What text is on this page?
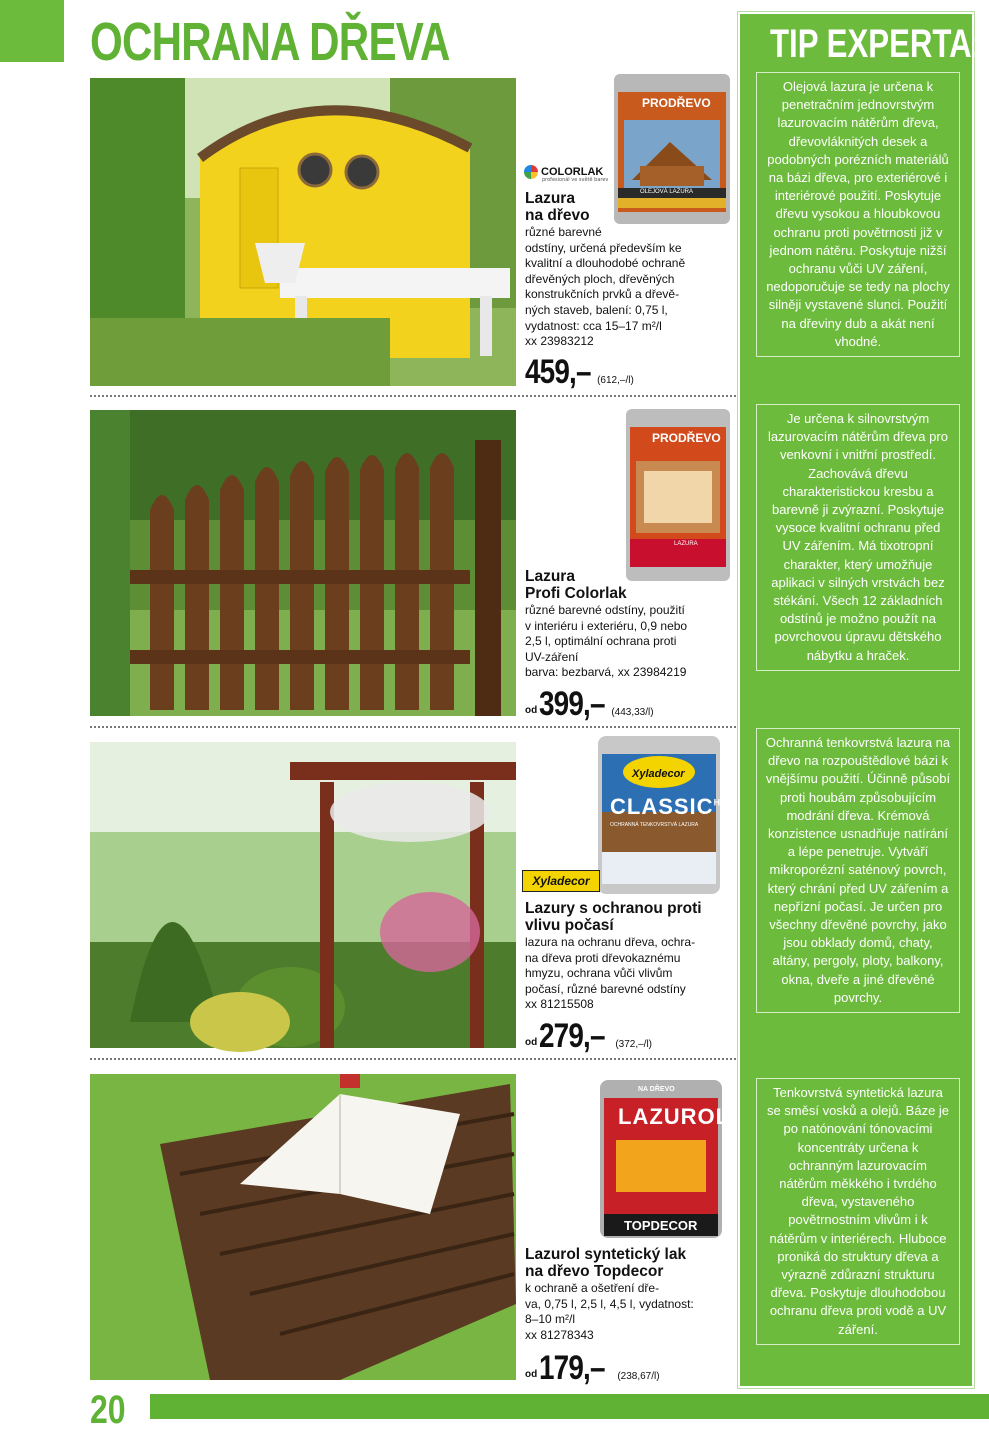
OCHRANA DŘEVA
PRODŘEVO
OLEJOVÁ LAZURA
COLORLAK
profesionál ve světě barev
Lazura
na dřevo
různé barevné
odstíny, určená především ke
kvalitní a dlouhodobé ochraně
dřevěných ploch, dřevěných
konstrukčních prvků a dřevě-
ných staveb, balení: 0,75 l,
vydatnost: cca 15–17 m²/l
xx 23983212
459,– (612,–/l)
PRODŘEVO
LAZURA
Lazura
Profi Colorlak
různé barevné odstíny, použití
v interiéru i exteriéru, 0,9 nebo
2,5 l, optimální ochrana proti
UV-záření
barva: bezbarvá, xx 23984219
od 399,– (443,33/l)
Xyladecor
$CLASSIC^{HP}$
OCHRANNÁ TENKOVRSTVÁ LAZURA
Xyladecor
Lazury s ochranou proti
vlivu počasí
lazura na ochranu dřeva, ochra-
na dřeva proti dřevokaznému
hmyzu, ochrana vůči vlivům
počasí, různé barevné odstíny
xx 81215508
od 279,– (372,–/l)
NA DŘEVO
LAZUROL
TOPDECOR
Lazurol syntetický lak
na dřevo Topdecor
k ochraně a ošetření dře-
va, 0,75 l, 2,5 l, 4,5 l, vydatnost:
8–10 m²/l
xx 81278343
od 179,– (238,67/l)
TIP EXPERTA:
Olejová lazura je určena k penetračním jednovrstvým lazurovacím nátěrům dřeva, dřevovláknitých desek a podobných porézních materiálů na bázi dřeva, pro exteriérové i interiérové použití. Poskytuje dřevu vysokou a hloubkovou ochranu proti povětrnosti již v jednom nátěru. Poskytuje nižší ochranu vůči UV záření, nedoporučuje se tedy na plochy silněji vystavené slunci. Použití na dřeviny dub a akát není vhodné.
Je určena k silnovrstvým lazurovacím nátěrům dřeva pro venkovní i vnitřní prostředí. Zachovává dřevu charakteristickou kresbu a barevně ji zvýrazní. Poskytuje vysoce kvalitní ochranu před UV zářením. Má tixotropní charakter, který umožňuje aplikaci v silných vrstvách bez stékání. Všech 12 základních odstínů je možno použít na povrchovou úpravu dětského nábytku a hraček.
Ochranná tenkovrstvá lazura na dřevo na rozpouštědlové bázi k vnějšímu použití. Účinně působí proti houbám způsobujícím modrání dřeva. Krémová konzistence usnadňuje natírání a lépe penetruje. Vytváří mikroporézní saténový povrch, který chrání před UV zářením a nepřízní počasí. Je určen pro všechny dřevěné povrchy, jako jsou obklady domů, chaty, altány, pergoly, ploty, balkony, okna, dveře a jiné dřevěné povrchy.
Tenkovrstvá syntetická lazura se směsí vosků a olejů. Báze je po natónování tónovacími koncentráty určena k ochranným lazurovacím nátěrům měkkého i tvrdého dřeva, vystaveného povětrnostním vlivům i k nátěrům v interiérech. Hluboce proniká do struktury dřeva a výrazně zdůrazní strukturu dřeva. Poskytuje dlouhodobou ochranu dřeva proti vodě a UV záření.
20
